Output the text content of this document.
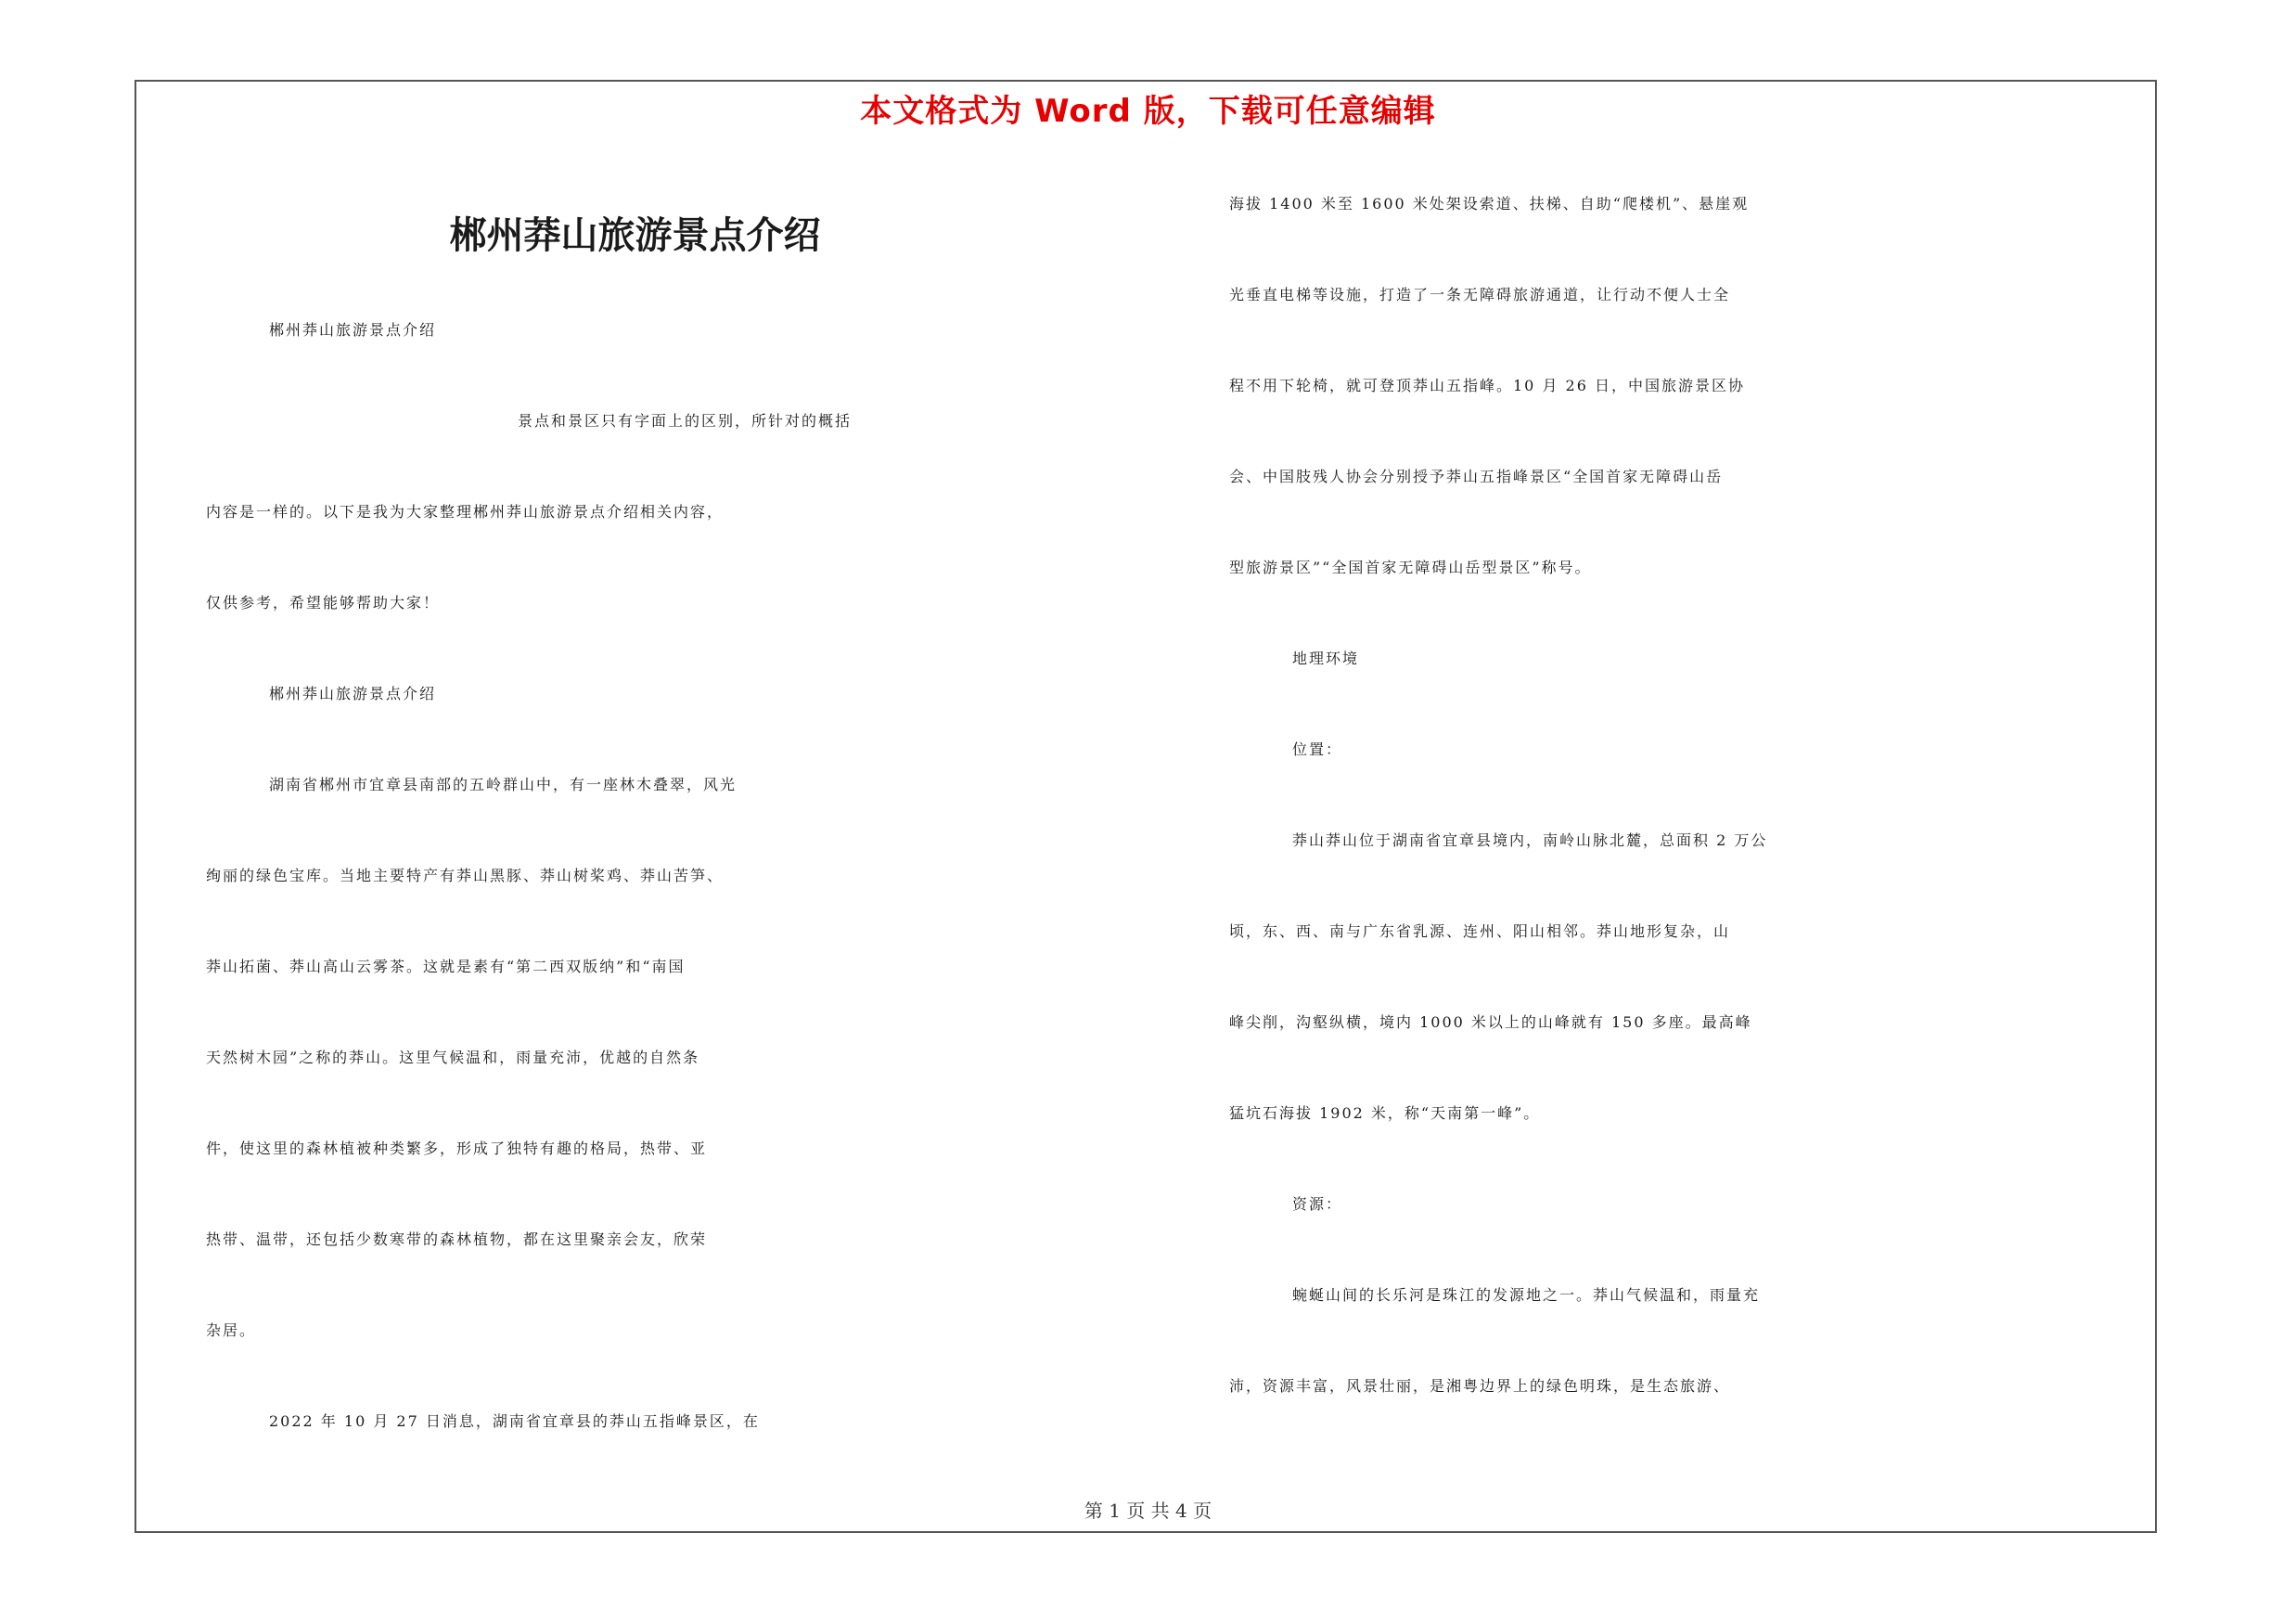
本文格式为 Word 版，下载可任意编辑
郴州莽山旅游景点介绍
郴州莽山旅游景点介绍
景点和景区只有字面上的区别，所针对的概括
内容是一样的。以下是我为大家整理郴州莽山旅游景点介绍相关内容，
仅供参考，希望能够帮助大家！
郴州莽山旅游景点介绍
湖南省郴州市宜章县南部的五岭群山中，有一座林木叠翠，风光
绚丽的绿色宝库。当地主要特产有莽山黑豚、莽山树桨鸡、莽山苦笋、
莽山拓菌、莽山高山云雾茶。这就是素有“第二西双版纳”和“南国
天然树木园”之称的莽山。这里气候温和，雨量充沛，优越的自然条
件，使这里的森林植被种类繁多，形成了独特有趣的格局，热带、亚
热带、温带，还包括少数寒带的森林植物，都在这里聚亲会友，欣荣
杂居。
2022 年 10 月 27 日消息，湖南省宜章县的莽山五指峰景区，在
海拔 1400 米至 1600 米处架设索道、扶梯、自助“爬楼机”、悬崖观
光垂直电梯等设施，打造了一条无障碍旅游通道，让行动不便人士全
程不用下轮椅，就可登顶莽山五指峰。10 月 26 日，中国旅游景区协
会、中国肢残人协会分别授予莽山五指峰景区“全国首家无障碍山岳
型旅游景区”“全国首家无障碍山岳型景区”称号。
地理环境
位置：
莽山莽山位于湖南省宜章县境内，南岭山脉北麓，总面积 2 万公
顷，东、西、南与广东省乳源、连州、阳山相邻。莽山地形复杂，山
峰尖削，沟壑纵横，境内 1000 米以上的山峰就有 150 多座。最高峰
猛坑石海拔 1902 米，称“天南第一峰”。
资源：
蜿蜒山间的长乐河是珠江的发源地之一。莽山气候温和，雨量充
沛，资源丰富，风景壮丽，是湘粤边界上的绿色明珠，是生态旅游、
第 1 页 共 4 页
